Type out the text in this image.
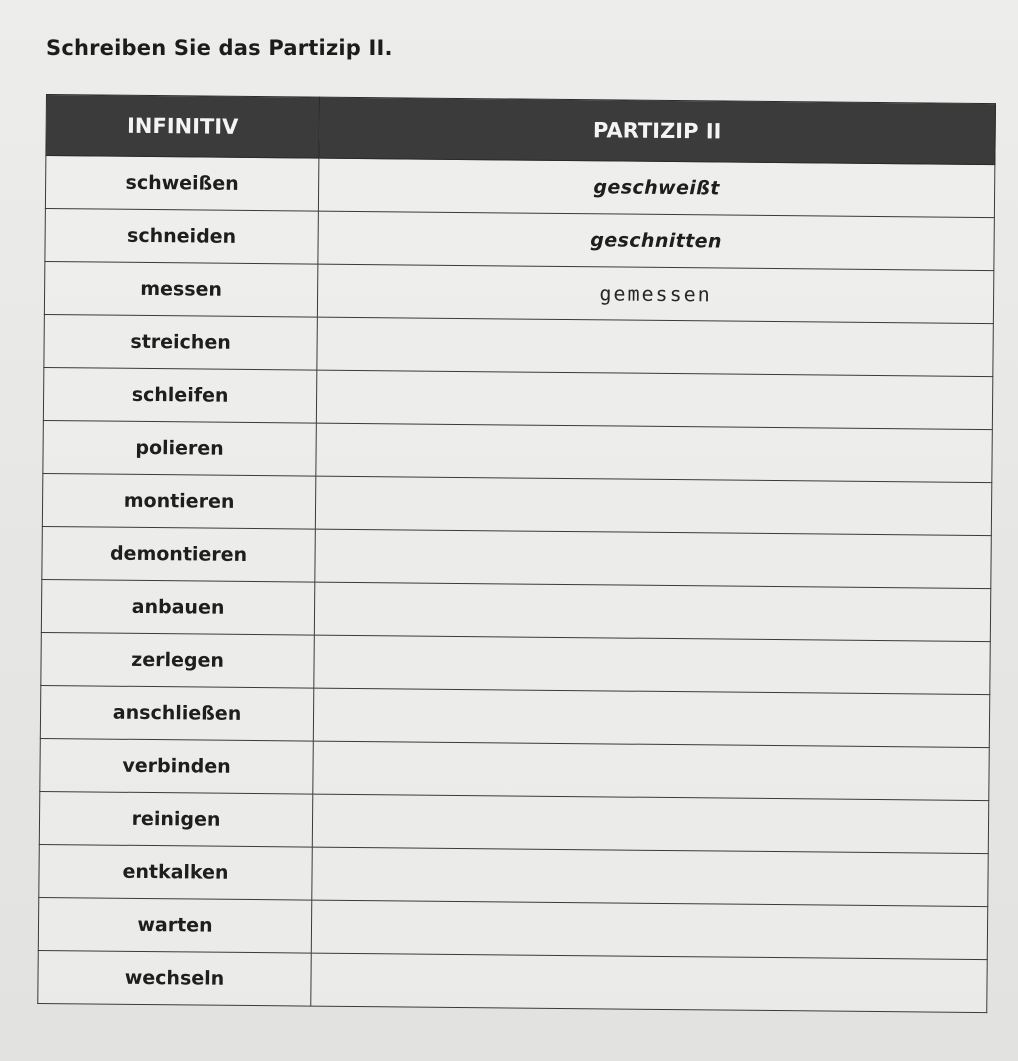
Schreiben Sie das Partizip II.
INFINITIV	PARTIZIP II
schweißen	geschweißt
schneiden	geschnitten
messen	gemessen
streichen	
schleifen	
polieren	
montieren	
demontieren	
anbauen	
zerlegen	
anschließen	
verbinden	
reinigen	
entkalken	
warten	
wechseln	
